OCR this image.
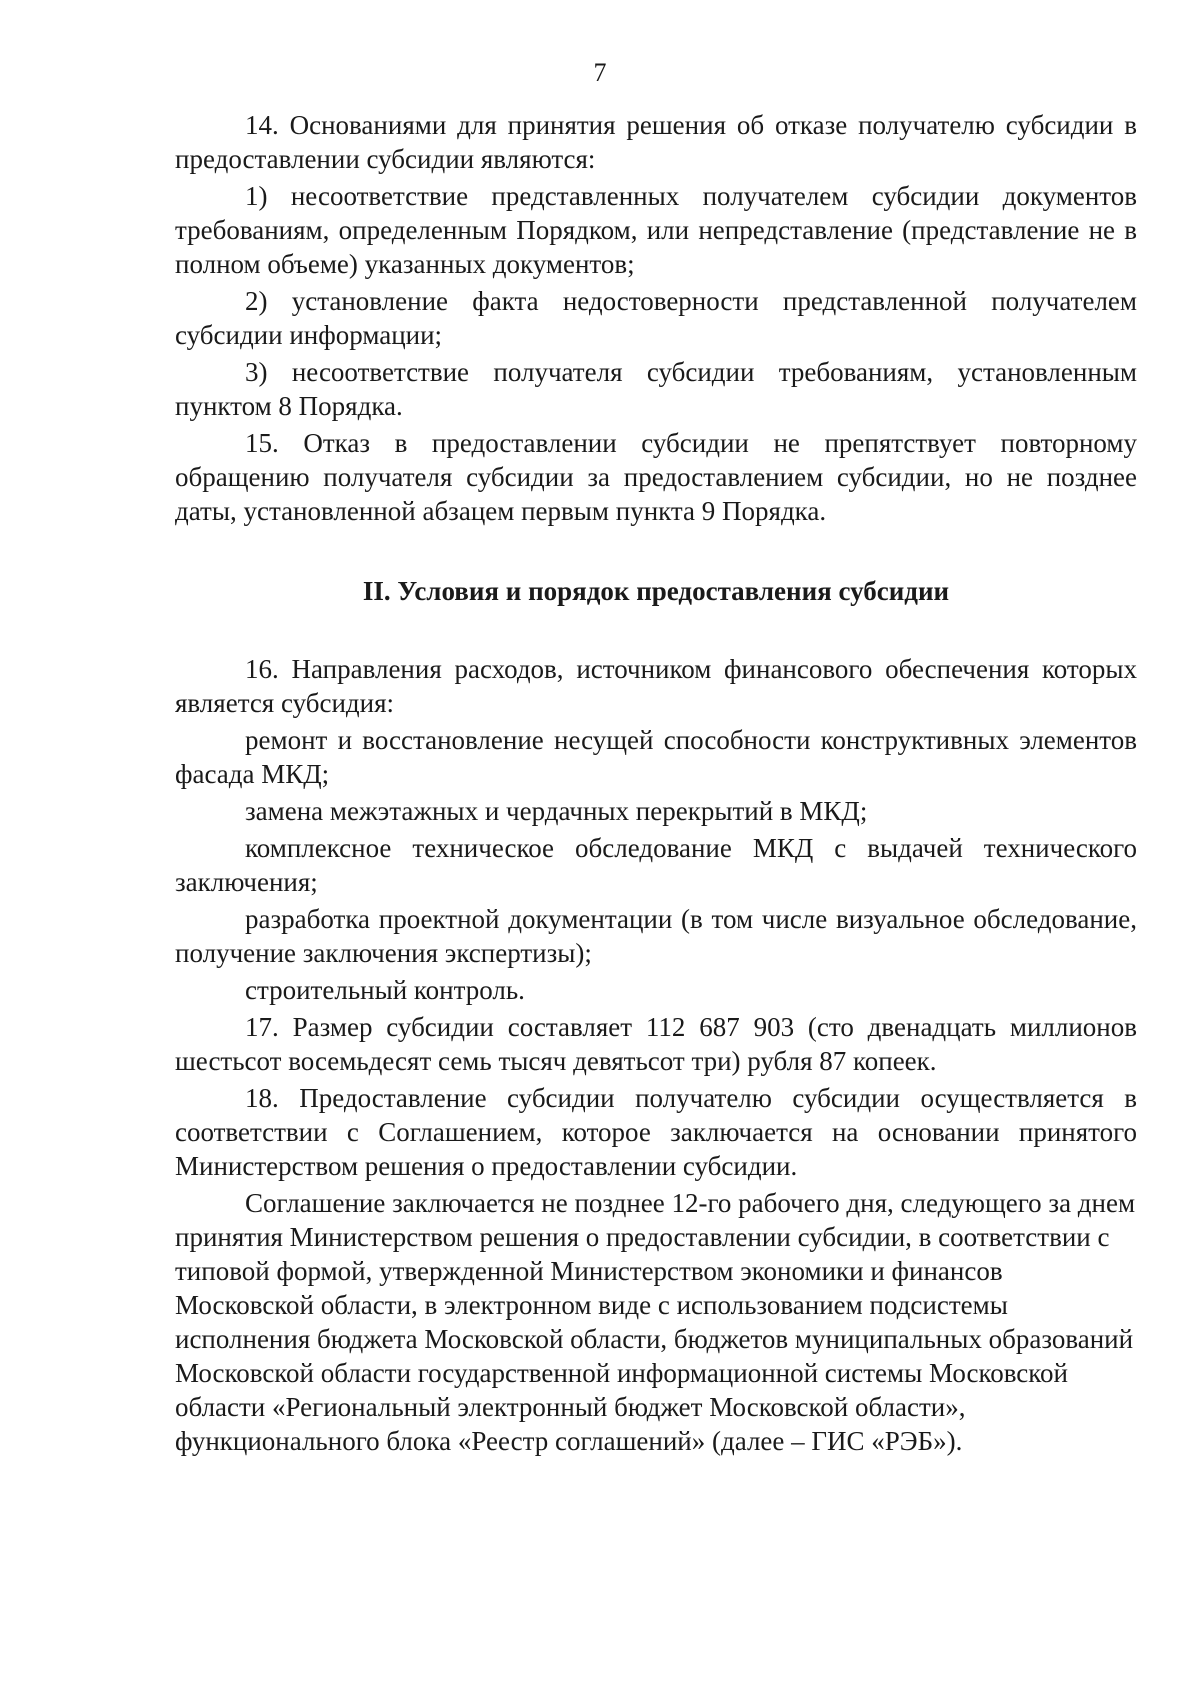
7

14. Основаниями для принятия решения об отказе получателю субсидии в предоставлении субсидии являются:

1) несоответствие представленных получателем субсидии документов требованиям, определенным Порядком, или непредставление (представление не в полном объеме) указанных документов;

2) установление факта недостоверности представленной получателем субсидии информации;

3) несоответствие получателя субсидии требованиям, установленным пунктом 8 Порядка.

15. Отказ в предоставлении субсидии не препятствует повторному обращению получателя субсидии за предоставлением субсидии, но не позднее даты, установленной абзацем первым пункта 9 Порядка.

II. Условия и порядок предоставления субсидии

16. Направления расходов, источником финансового обеспечения которых является субсидия:

ремонт и восстановление несущей способности конструктивных элементов фасада МКД;

замена межэтажных и чердачных перекрытий в МКД;

комплексное техническое обследование МКД с выдачей технического заключения;

разработка проектной документации (в том числе визуальное обследование, получение заключения экспертизы);

строительный контроль.

17. Размер субсидии составляет 112 687 903 (сто двенадцать миллионов шестьсот восемьдесят семь тысяч девятьсот три) рубля 87 копеек.

18. Предоставление субсидии получателю субсидии осуществляется в соответствии с Соглашением, которое заключается на основании принятого Министерством решения о предоставлении субсидии.

Соглашение заключается не позднее 12-го рабочего дня, следующего за днем принятия Министерством решения о предоставлении субсидии, в соответствии с типовой формой, утвержденной Министерством экономики и финансов Московской области, в электронном виде с использованием подсистемы исполнения бюджета Московской области, бюджетов муниципальных образований Московской области государственной информационной системы Московской области «Региональный электронный бюджет Московской области», функционального блока «Реестр соглашений» (далее – ГИС «РЭБ»).
